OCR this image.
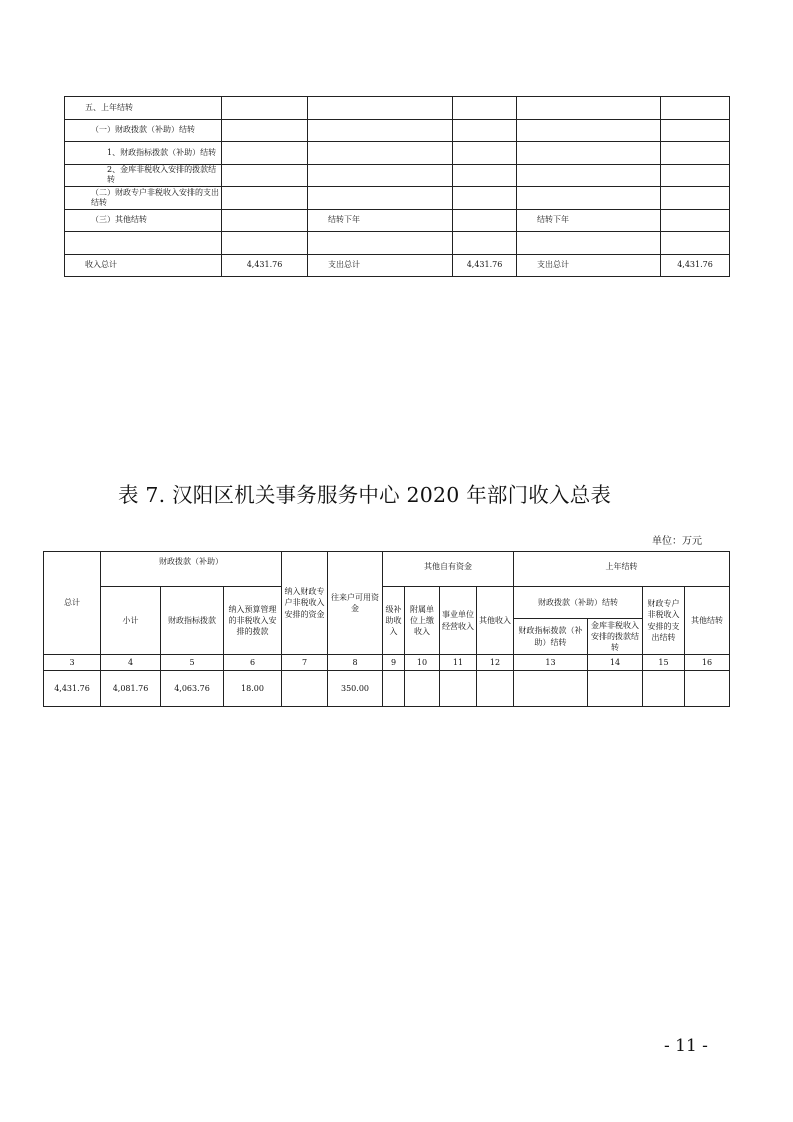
五、上年结转					
（一）财政拨款（补助）结转					
1、财政指标拨款（补助）结转					
2、金库非税收入安排的拨款结转					
（二）财政专户非税收入安排的支出结转					
（三）其他结转		结转下年		结转下年	

收入总计	4,431.76	支出总计	4,431.76	支出总计	4,431.76
表 7. 汉阳区机关事务服务中心 2020 年部门收入总表
单位：万元
总计	财政拨款（补助）			纳入财政专户非税收入安排的资金	往来户可用资金	其他自有资金				上年结转			
	小计	财政指标拨款	纳入预算管理的非税收入安排的拨款			级补助收入	附属单位上缴收入	事业单位经营收入	其他收入	财政拨款（补助）结转		财政专户非税收入安排的支出结转	其他结转
										财政指标拨款（补助）结转	金库非税收入安排的拨款结转		
3	4	5	6	7	8	9	10	11	12	13	14	15	16
4,431.76	4,081.76	4,063.76	18.00		350.00								
- 11 -
